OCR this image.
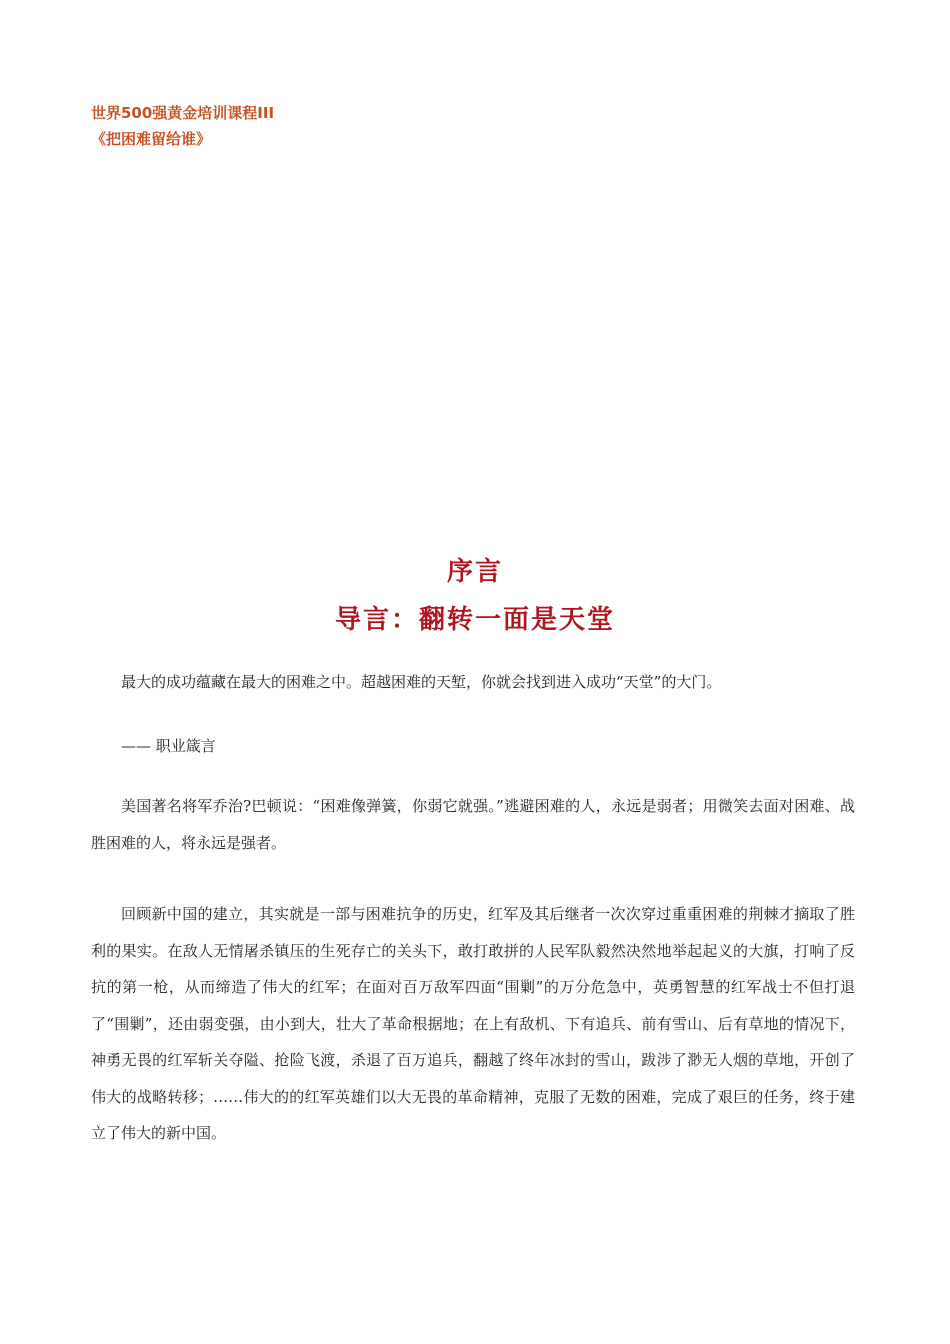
世界500强黄金培训课程III
《把困难留给谁》
序言
导言：翻转一面是天堂

最大的成功蕴藏在最大的困难之中。超越困难的天堑，你就会找到进入成功“天堂”的大门。

—— 职业箴言

美国著名将军乔治?巴顿说：“困难像弹簧，你弱它就强。”逃避困难的人，永远是弱者；用微笑去面对困难、战胜困难的人，将永远是强者。

回顾新中国的建立，其实就是一部与困难抗争的历史，红军及其后继者一次次穿过重重困难的荆棘才摘取了胜利的果实。在敌人无情屠杀镇压的生死存亡的关头下，敢打敢拼的人民军队毅然决然地举起起义的大旗，打响了反抗的第一枪，从而缔造了伟大的红军；在面对百万敌军四面“围剿”的万分危急中，英勇智慧的红军战士不但打退了“围剿”，还由弱变强，由小到大，壮大了革命根据地；在上有敌机、下有追兵、前有雪山、后有草地的情况下，神勇无畏的红军斩关夺隘、抢险飞渡，杀退了百万追兵，翻越了终年冰封的雪山，跋涉了渺无人烟的草地，开创了伟大的战略转移；……伟大的的红军英雄们以大无畏的革命精神，克服了无数的困难，完成了艰巨的任务，终于建立了伟大的新中国。
